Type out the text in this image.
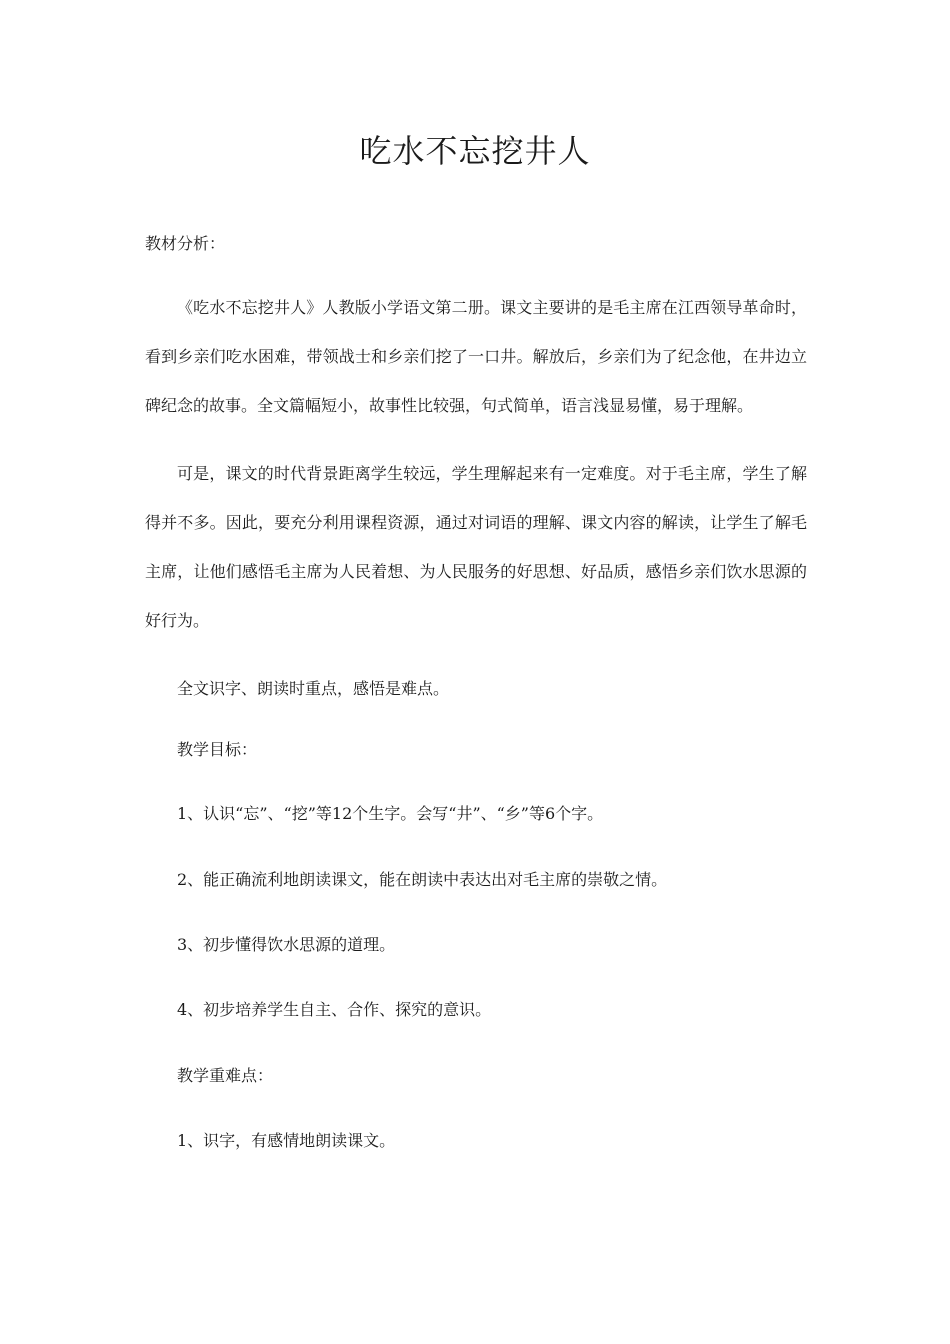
吃水不忘挖井人
教材分析：

《吃水不忘挖井人》人教版小学语文第二册。课文主要讲的是毛主席在江西领导革命时，看到乡亲们吃水困难，带领战士和乡亲们挖了一口井。解放后，乡亲们为了纪念他，在井边立碑纪念的故事。全文篇幅短小，故事性比较强，句式简单，语言浅显易懂，易于理解。

可是，课文的时代背景距离学生较远，学生理解起来有一定难度。对于毛主席，学生了解得并不多。因此，要充分利用课程资源，通过对词语的理解、课文内容的解读，让学生了解毛主席，让他们感悟毛主席为人民着想、为人民服务的好思想、好品质，感悟乡亲们饮水思源的好行为。

全文识字、朗读时重点，感悟是难点。
教学目标：
1、认识“忘”、“挖”等12个生字。会写“井”、“乡”等6个字。
2、能正确流利地朗读课文，能在朗读中表达出对毛主席的崇敬之情。
3、初步懂得饮水思源的道理。
4、初步培养学生自主、合作、探究的意识。
教学重难点：
1、识字，有感情地朗读课文。
